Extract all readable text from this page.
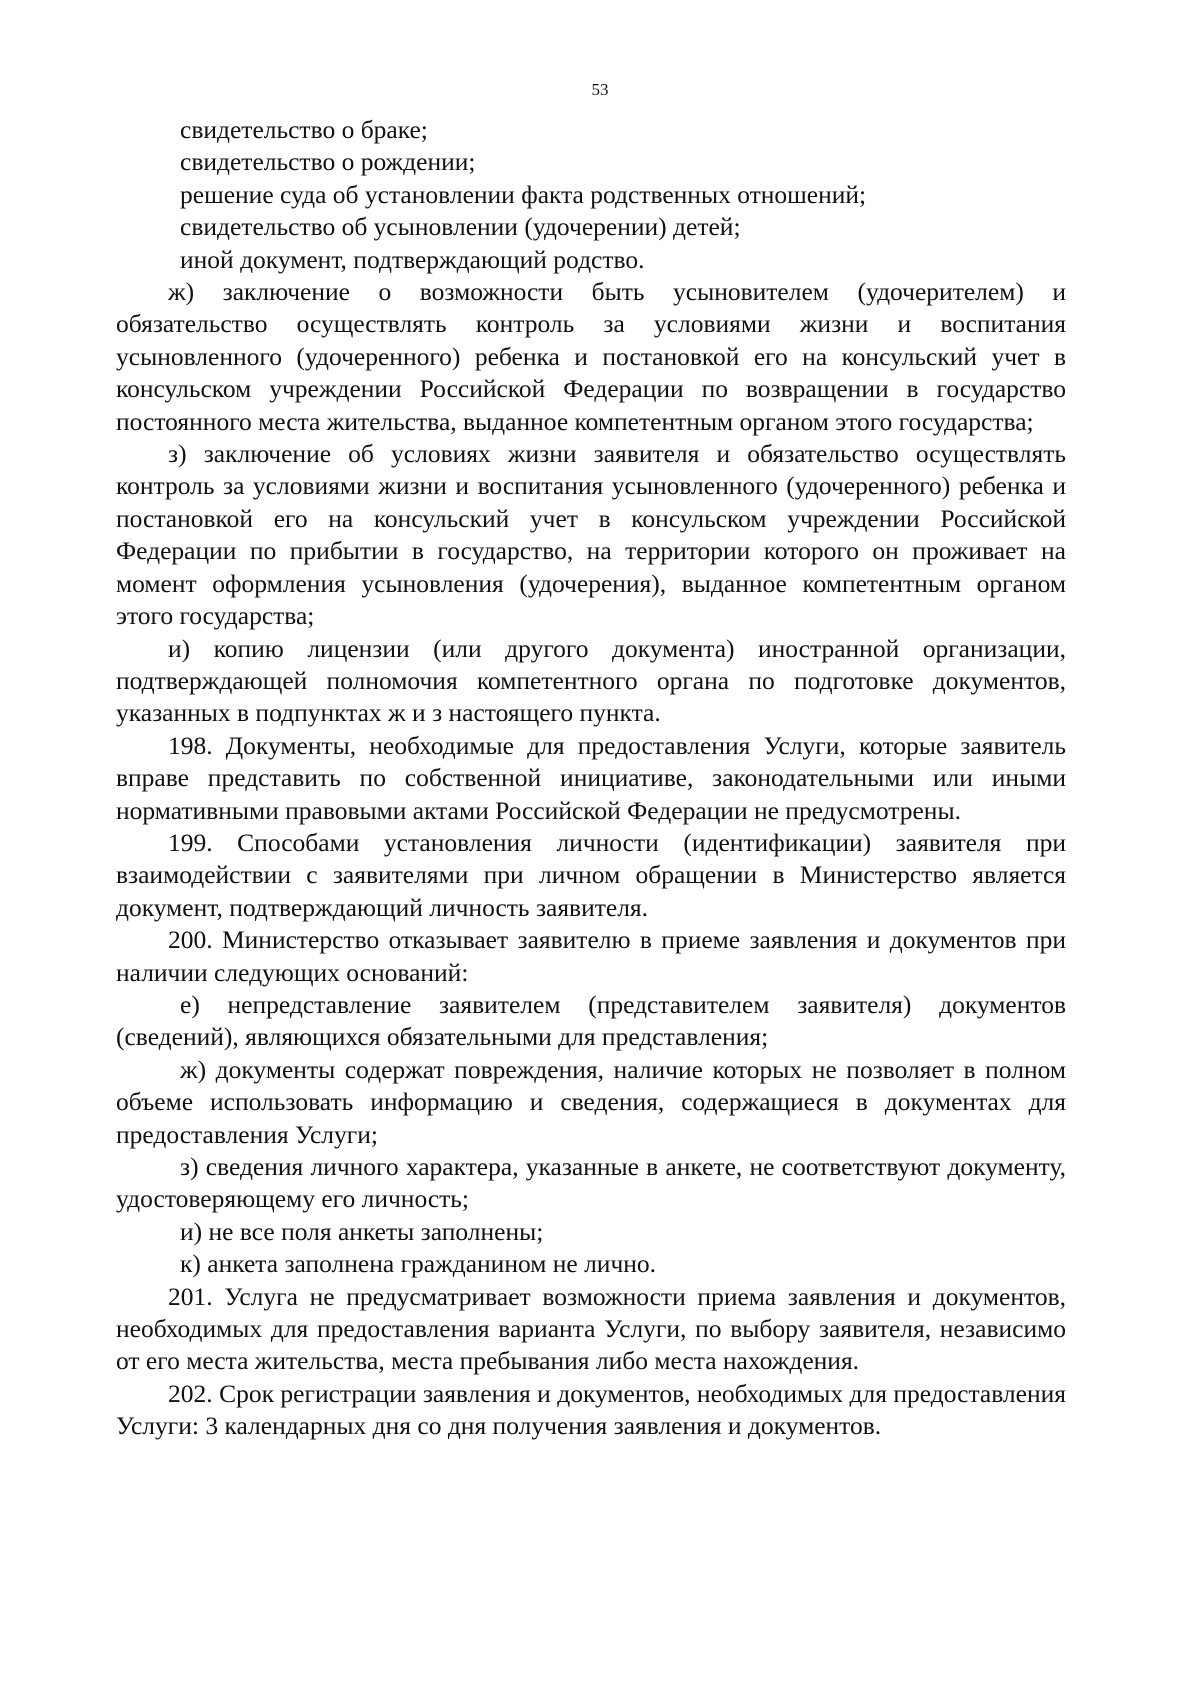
53

свидетельство о браке;

свидетельство о рождении;

решение суда об установлении факта родственных отношений;

свидетельство об усыновлении (удочерении) детей;

иной документ, подтверждающий родство.

ж) заключение о возможности быть усыновителем (удочерителем) и обязательство осуществлять контроль за условиями жизни и воспитания усыновленного (удочеренного) ребенка и постановкой его на консульский учет в консульском учреждении Российской Федерации по возвращении в государство постоянного места жительства, выданное компетентным органом этого государства;

з) заключение об условиях жизни заявителя и обязательство осуществлять контроль за условиями жизни и воспитания усыновленного (удочеренного) ребенка и постановкой его на консульский учет в консульском учреждении Российской Федерации по прибытии в государство, на территории которого он проживает на момент оформления усыновления (удочерения), выданное компетентным органом этого государства;

и) копию лицензии (или другого документа) иностранной организации, подтверждающей полномочия компетентного органа по подготовке документов, указанных в подпунктах ж и з настоящего пункта.

198. Документы, необходимые для предоставления Услуги, которые заявитель вправе представить по собственной инициативе, законодательными или иными нормативными правовыми актами Российской Федерации не предусмотрены.

199. Способами установления личности (идентификации) заявителя при взаимодействии с заявителями при личном обращении в Министерство является документ, подтверждающий личность заявителя.

200. Министерство отказывает заявителю в приеме заявления и документов при наличии следующих оснований:

е) непредставление заявителем (представителем заявителя) документов (сведений), являющихся обязательными для представления;

ж) документы содержат повреждения, наличие которых не позволяет в полном объеме использовать информацию и сведения, содержащиеся в документах для предоставления Услуги;

з) сведения личного характера, указанные в анкете, не соответствуют документу, удостоверяющему его личность;

и) не все поля анкеты заполнены;

к) анкета заполнена гражданином не лично.

201. Услуга не предусматривает возможности приема заявления и документов, необходимых для предоставления варианта Услуги, по выбору заявителя, независимо от его места жительства, места пребывания либо места нахождения.

202. Срок регистрации заявления и документов, необходимых для предоставления Услуги: 3 календарных дня со дня получения заявления и документов.
